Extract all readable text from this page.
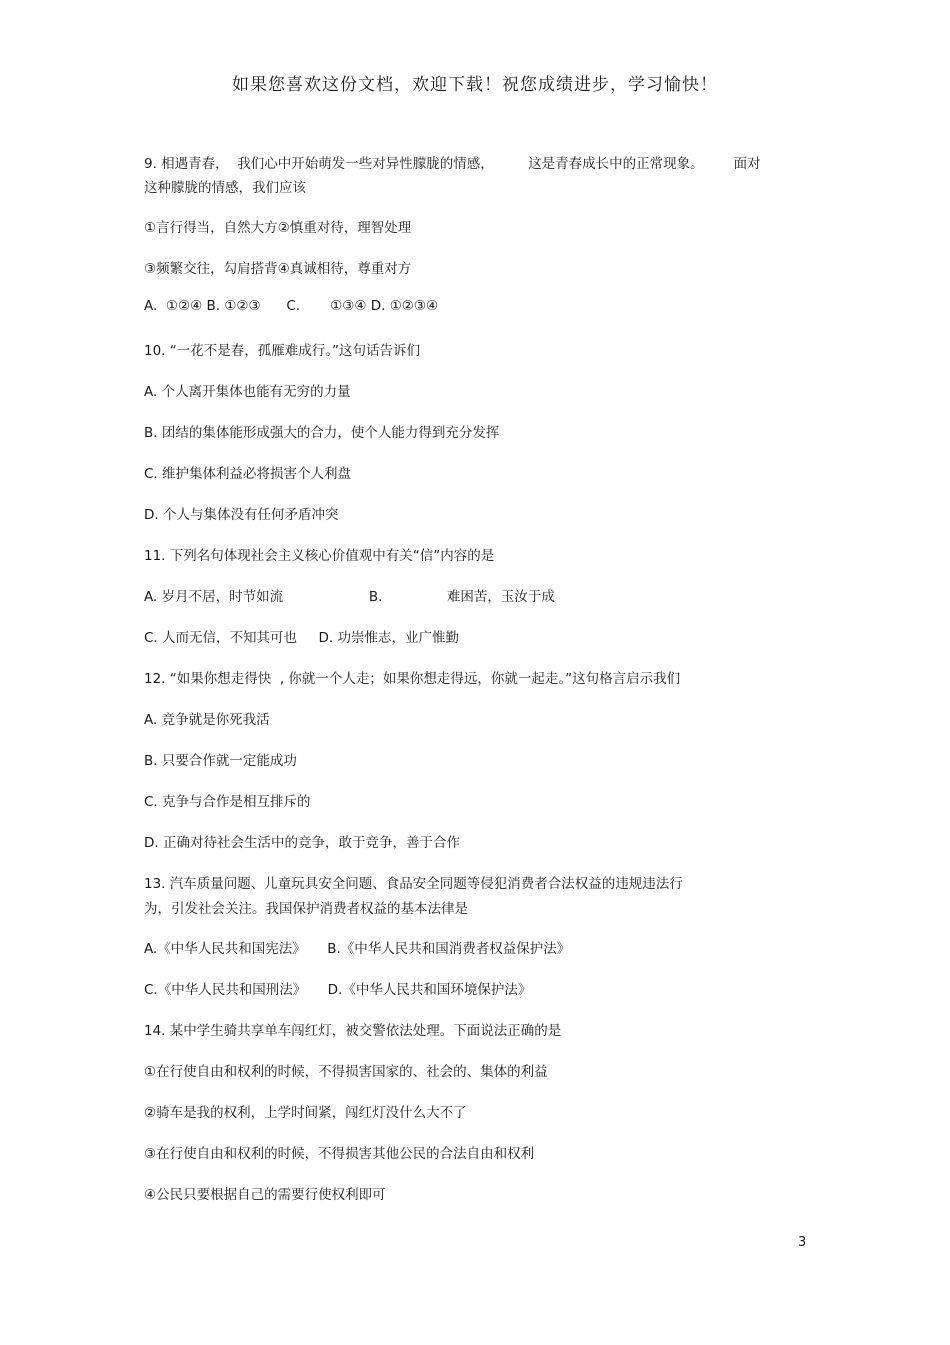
如果您喜欢这份文档，欢迎下载！祝您成绩进步，学习愉快！
9. 相遇青春，  我们心中开始萌发一些对异性朦胧的情感，        这是青春成长中的正常现象。       面对
这种朦胧的情感，我们应该
①言行得当，自然大方②慎重对待，理智处理
③频繁交往，勾肩搭背④真诚相待，尊重对方
A.  ①②④ B. ①②③      C.       ①③④ D. ①②③④
10. “一花不是春，孤雁难成行。”这句话告诉们
A. 个人离开集体也能有无穷的力量
B. 团结的集体能形成强大的合力，使个人能力得到充分发挥
C. 维护集体利益必将损害个人利盘
D. 个人与集体没有任何矛盾冲突
11. 下列名句体现社会主义核心价值观中有关“信”内容的是
A. 岁月不居，时节如流                    B.               难困苦，玉汝于成
C. 人而无信，不知其可也     D. 功崇惟志，业广惟勤
12. “如果你想走得快  , 你就一个人走；如果你想走得远，你就一起走。”这句格言启示我们
A. 竞争就是你死我活
B. 只要合作就一定能成功
C. 克争与合作是相互排斥的
D. 正确对待社会生活中的竞争，敢于竞争，善于合作
13. 汽车质量问题、儿童玩具安全问题、食品安全同题等侵犯消费者合法权益的违规违法行
为，引发社会关注。我国保护消费者权益的基本法律是
A.《中华人民共和国宪法》     B.《中华人民共和国消费者权益保护法》
C.《中华人民共和国刑法》     D.《中华人民共和国环境保护法》
14. 某中学生骑共享单车闯红灯，被交警依法处理。下面说法正确的是
①在行使自由和权利的时候，不得损害国家的、社会的、集体的利益
②骑车是我的权利，上学时间紧，闯红灯没什么大不了
③在行使自由和权利的时候，不得损害其他公民的合法自由和权利
④公民只要根据自己的需要行使权利即可
3
